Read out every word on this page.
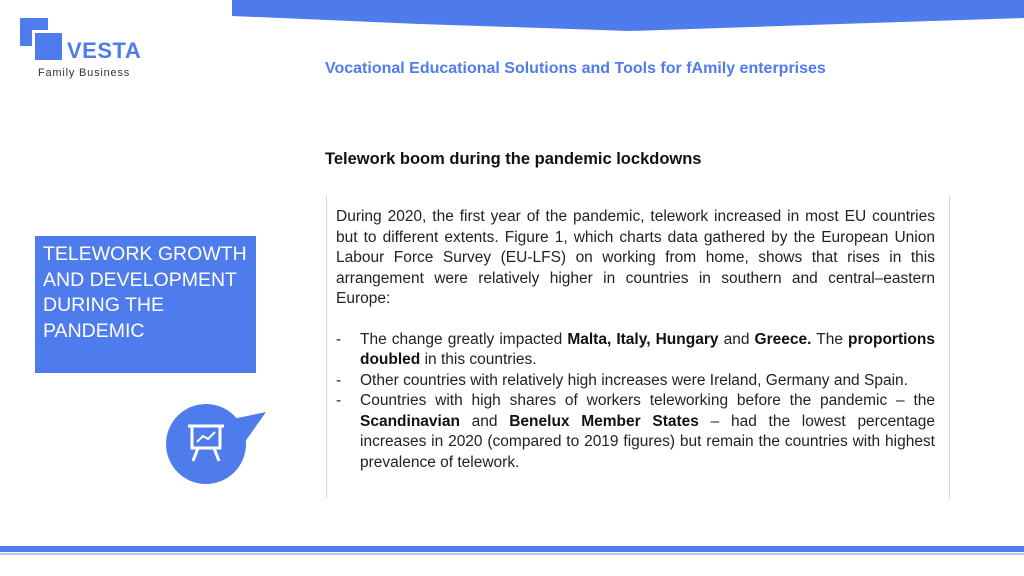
VESTA
Family Business	Vocational Educational Solutions and Tools for fAmily enterprises
Telework boom during the pandemic lockdowns

TELEWORK GROWTH AND DEVELOPMENT DURING THE PANDEMIC

During 2020, the first year of the pandemic, telework increased in most EU countries but to different extents. Figure 1, which charts data gathered by the European Union Labour Force Survey (EU-LFS) on working from home, shows that rises in this arrangement were relatively higher in countries in southern and central–eastern Europe:

- The change greatly impacted Malta, Italy, Hungary and Greece. The proportions doubled in this countries.
- Other countries with relatively high increases were Ireland, Germany and Spain.
- Countries with high shares of workers teleworking before the pandemic – the Scandinavian and Benelux Member States – had the lowest percentage increases in 2020 (compared to 2019 figures) but remain the countries with highest prevalence of telework.
